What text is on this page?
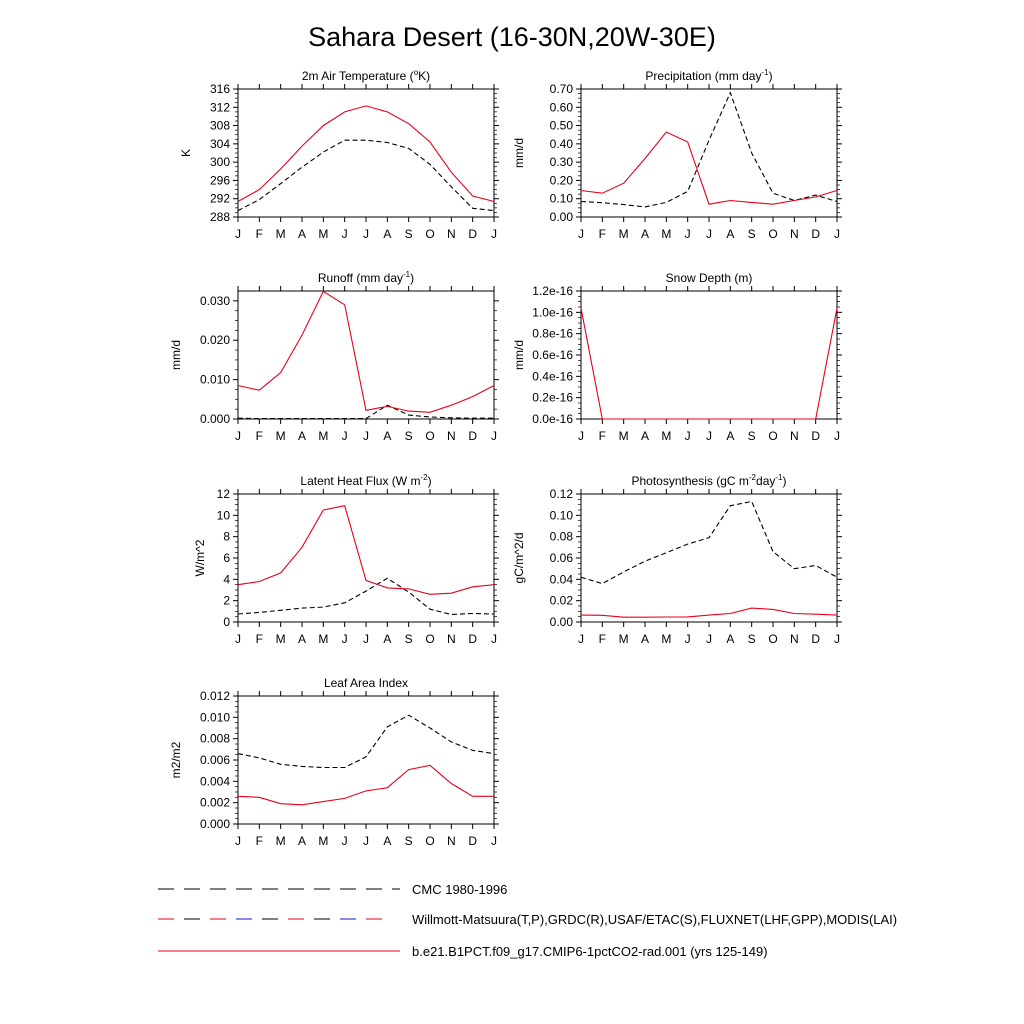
Sahara Desert (16-30N,20W-30E)
2m Air Temperature ($^o$K)
K
288
292
296
300
304
308
312
316
J F M A M J J A S O N D J
Precipitation (mm day$^{-1}$)
mm/d
0.00
0.10
0.20
0.30
0.40
0.50
0.60
0.70
J F M A M J J A S O N D J
Runoff (mm day$^{-1}$)
mm/d
0.000
0.010
0.020
0.030
J F M A M J J A S O N D J
Snow Depth (m)
mm/d
0.0e-16
0.2e-16
0.4e-16
0.6e-16
0.8e-16
1.0e-16
1.2e-16
J F M A M J J A S O N D J
Latent Heat Flux (W $m^{-2}$)
W/m^2
0
2
4
6
8
10
12
J F M A M J J A S O N D J
Photosynthesis (gC $m^{-2}day^{-1}$)
gC/m^2/d
0.00
0.02
0.04
0.06
0.08
0.10
0.12
J F M A M J J A S O N D J
Leaf Area Index
m2/m2
0.000
0.002
0.004
0.006
0.008
0.010
0.012
J F M A M J J A S O N D J
CMC 1980-1996
Willmott-Matsuura(T,P),GRDC(R),USAF/ETAC(S),FLUXNET(LHF,GPP),MODIS(LAI)
b.e21.B1PCT.f09_g17.CMIP6-1pctCO2-rad.001 (yrs 125-149)
